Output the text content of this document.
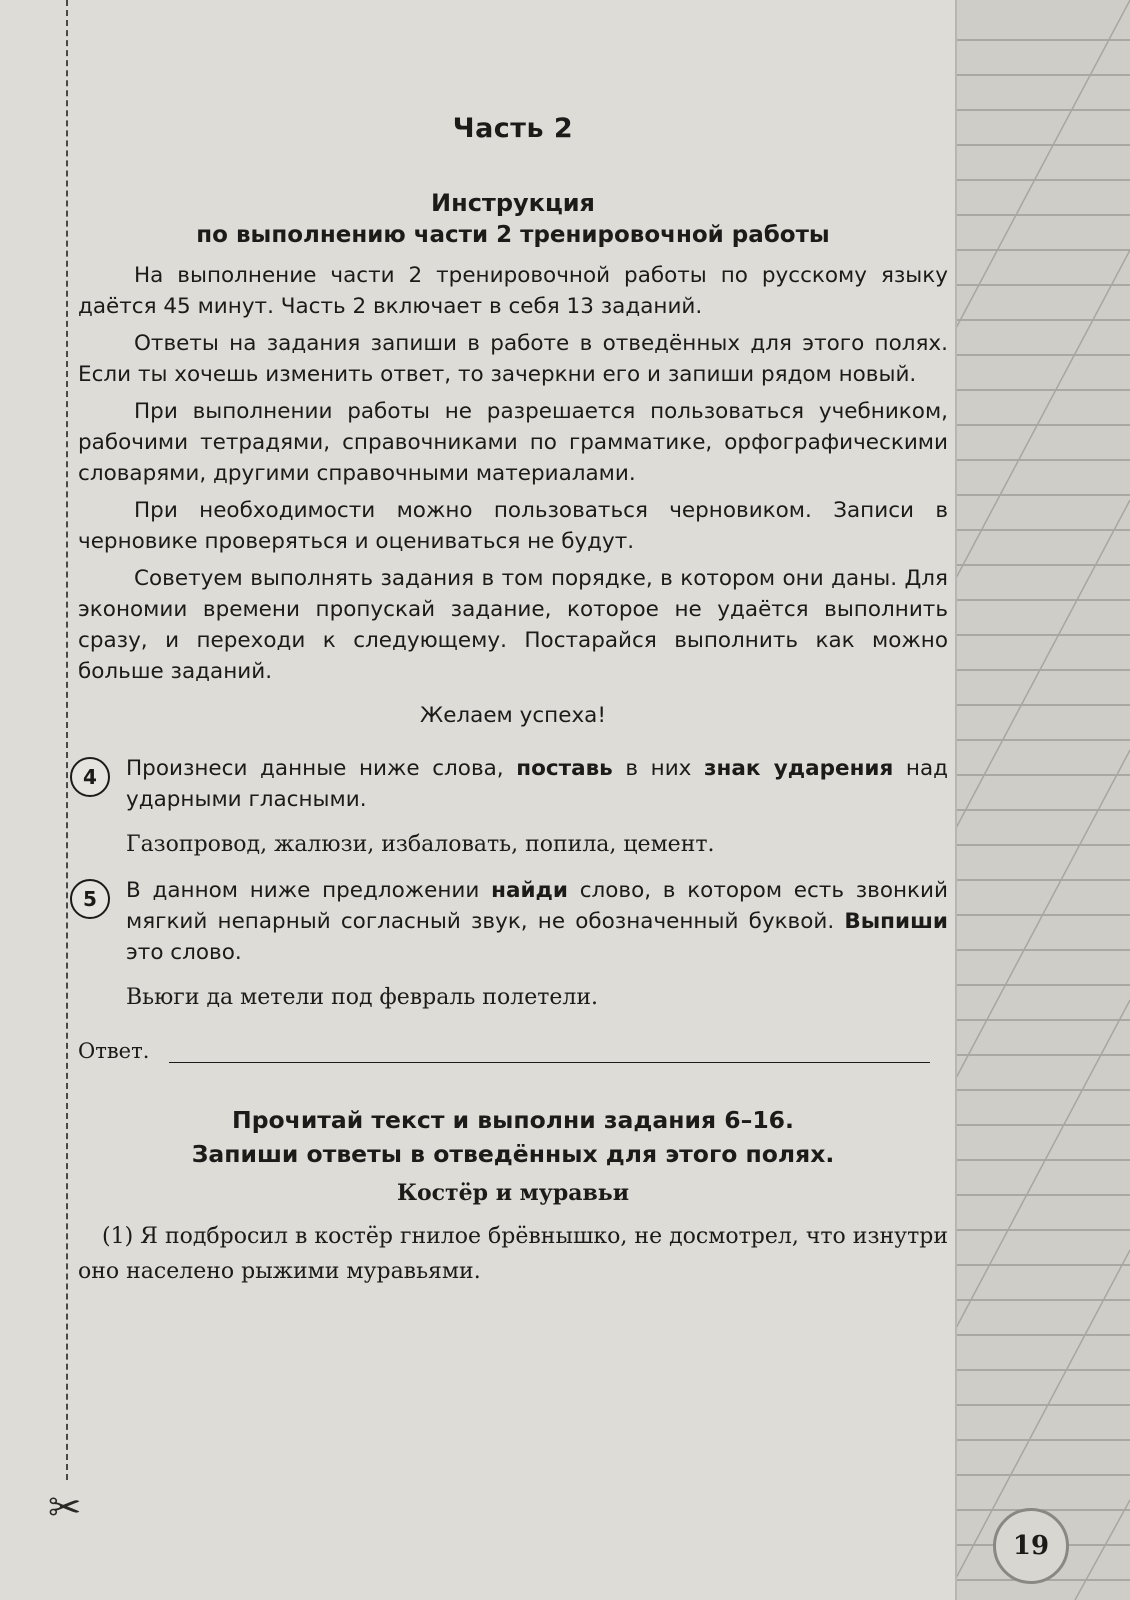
✂
Часть 2
Инструкция
по выполнению части 2 тренировочной работы

На выполнение части 2 тренировочной работы по русскому языку даётся 45 минут. Часть 2 включает в себя 13 заданий.

Ответы на задания запиши в работе в отведённых для этого полях. Если ты хочешь изменить ответ, то зачеркни его и запиши рядом новый.

При выполнении работы не разрешается пользоваться учебником, рабочими тетрадями, справочниками по грамматике, орфографическими словарями, другими справочными материалами.

При необходимости можно пользоваться черновиком. Записи в черновике проверяться и оцениваться не будут.

Советуем выполнять задания в том порядке, в котором они даны. Для экономии времени пропускай задание, которое не удаётся выполнить сразу, и переходи к следующему. Постарайся выполнить как можно больше заданий.

Желаем успеха!
4	Произнеси данные ниже слова, поставь в них знак ударения над ударными гласными.
Газопровод, жалюзи, избаловать, попила, цемент.
5	В данном ниже предложении найди слово, в котором есть звонкий мягкий непарный согласный звук, не обозначенный буквой. Выпиши это слово.
Вьюги да метели под февраль полетели.
Ответ.
Прочитай текст и выполни задания 6–16.
Запиши ответы в отведённых для этого полях.
Костёр и муравьи

(1) Я подбросил в костёр гнилое брёвнышко, не досмотрел, что изнутри оно населено рыжими муравьями.

19
